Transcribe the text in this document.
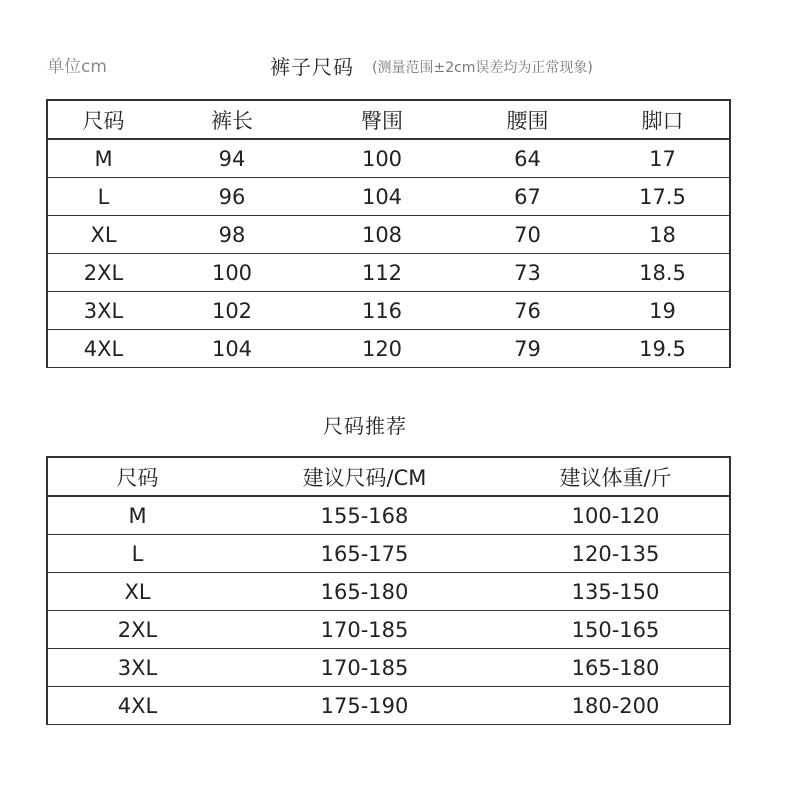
单位cm	裤子尺码 (测量范围±2cm误差均为正常现象)
尺码	裤长	臀围	腰围	脚口
M	94	100	64	17
L	96	104	67	17.5
XL	98	108	70	18
2XL	100	112	73	18.5
3XL	102	116	76	19
4XL	104	120	79	19.5
尺码推荐
尺码	建议尺码/CM	建议体重/斤
M	155-168	100-120
L	165-175	120-135
XL	165-180	135-150
2XL	170-185	150-165
3XL	170-185	165-180
4XL	175-190	180-200
